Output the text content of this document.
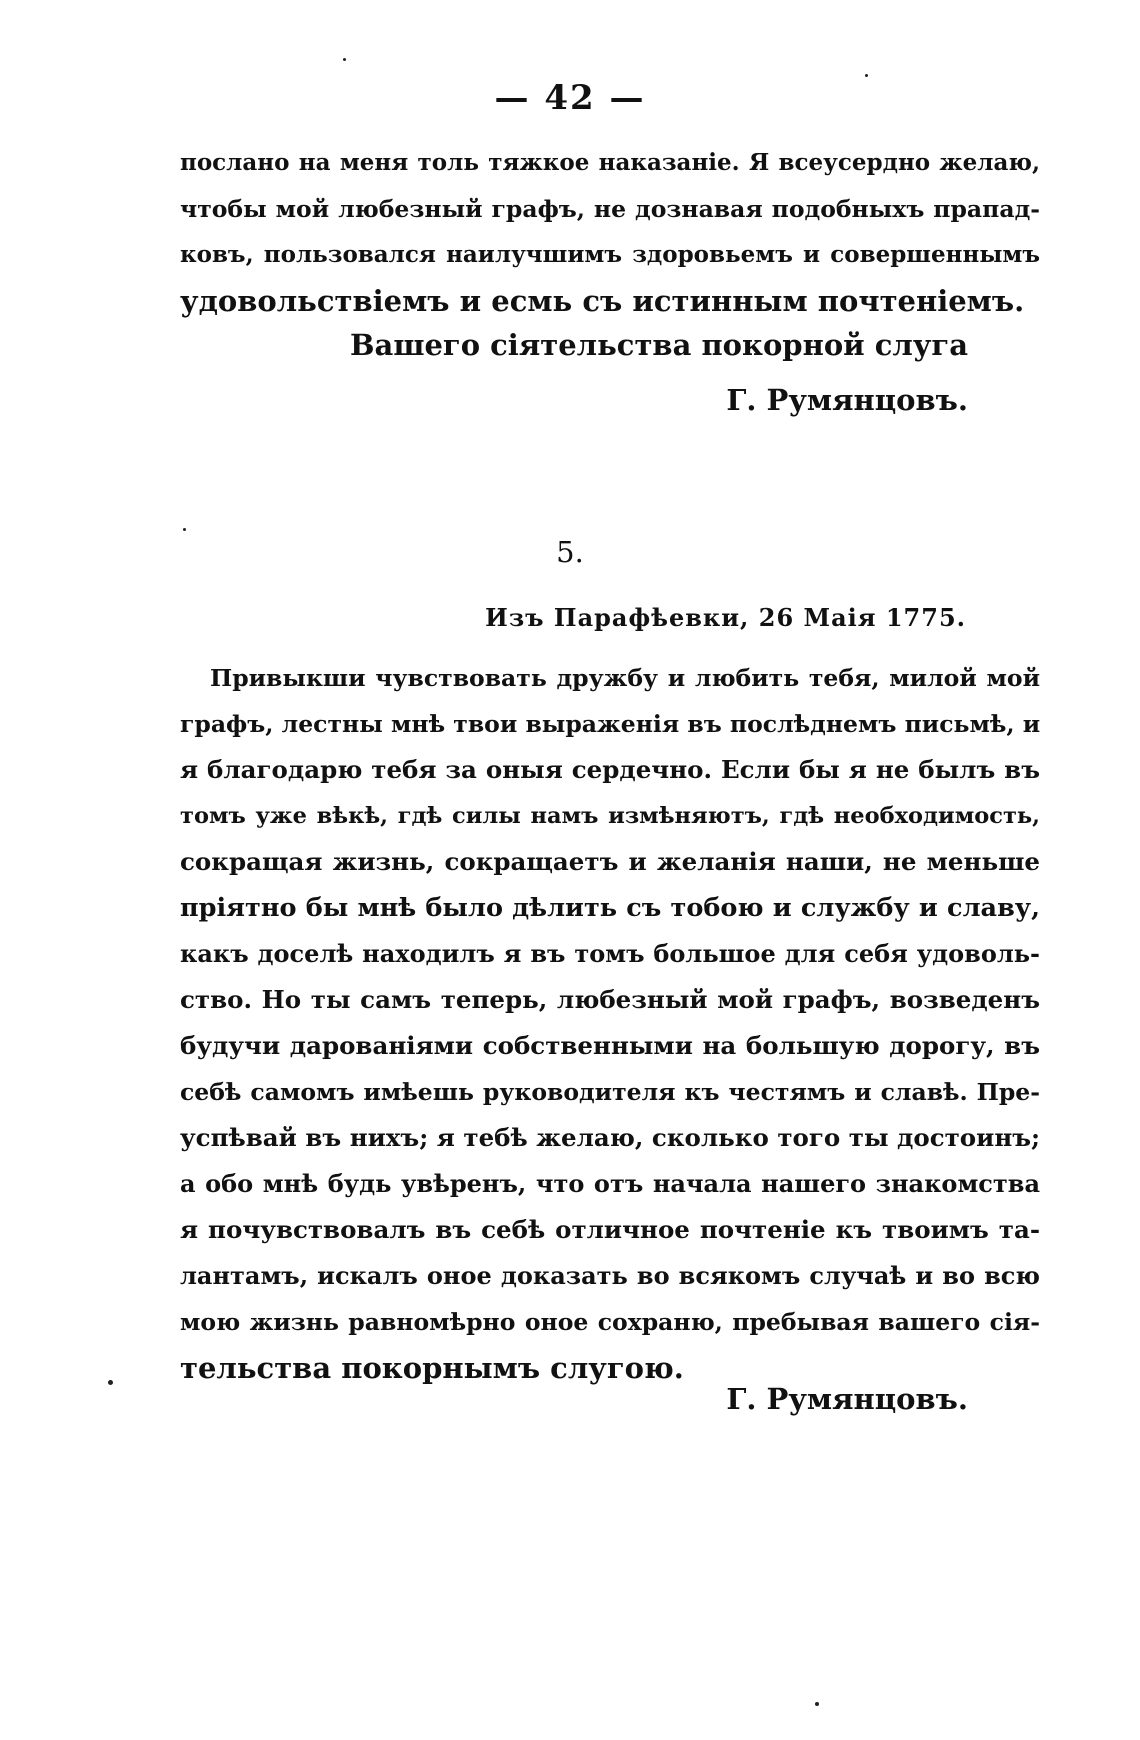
— 42 —
послано на меня толь тяжкое наказаніе. Я всеусердно желаю,
чтобы мой любезный графъ, не дознавая подобныхъ прапад-
ковъ, пользовался наилучшимъ здоровьемъ и совершеннымъ
удовольствіемъ и есмь съ истинным почтеніемъ.
Вашего сіятельства покорной слуга
Г. Румянцовъ.
5.
Изъ Парафѣевки, 26 Маія 1775.
Привыкши чувствовать дружбу и любить тебя, милой мой
графъ, лестны мнѣ твои выраженія въ послѣднемъ письмѣ, и
я благодарю тебя за оныя сердечно. Если бы я не былъ въ
томъ уже вѣкѣ, гдѣ силы намъ измѣняютъ, гдѣ необходимость,
сокращая жизнь, сокращаетъ и желанія наши, не меньше
пріятно бы мнѣ было дѣлить съ тобою и службу и славу,
какъ доселѣ находилъ я въ томъ большое для себя удоволь-
ство. Но ты самъ теперь, любезный мой графъ, возведенъ
будучи дарованіями собственными на большую дорогу, въ
себѣ самомъ имѣешь руководителя къ честямъ и славѣ. Пре-
успѣвай въ нихъ; я тебѣ желаю, сколько того ты достоинъ;
а обо мнѣ будь увѣренъ, что отъ начала нашего знакомства
я почувствовалъ въ себѣ отличное почтеніе къ твоимъ та-
лантамъ, искалъ оное доказать во всякомъ случаѣ и во всю
мою жизнь равномѣрно оное сохраню, пребывая вашего сія-
тельства покорнымъ слугою.
Г. Румянцовъ.
